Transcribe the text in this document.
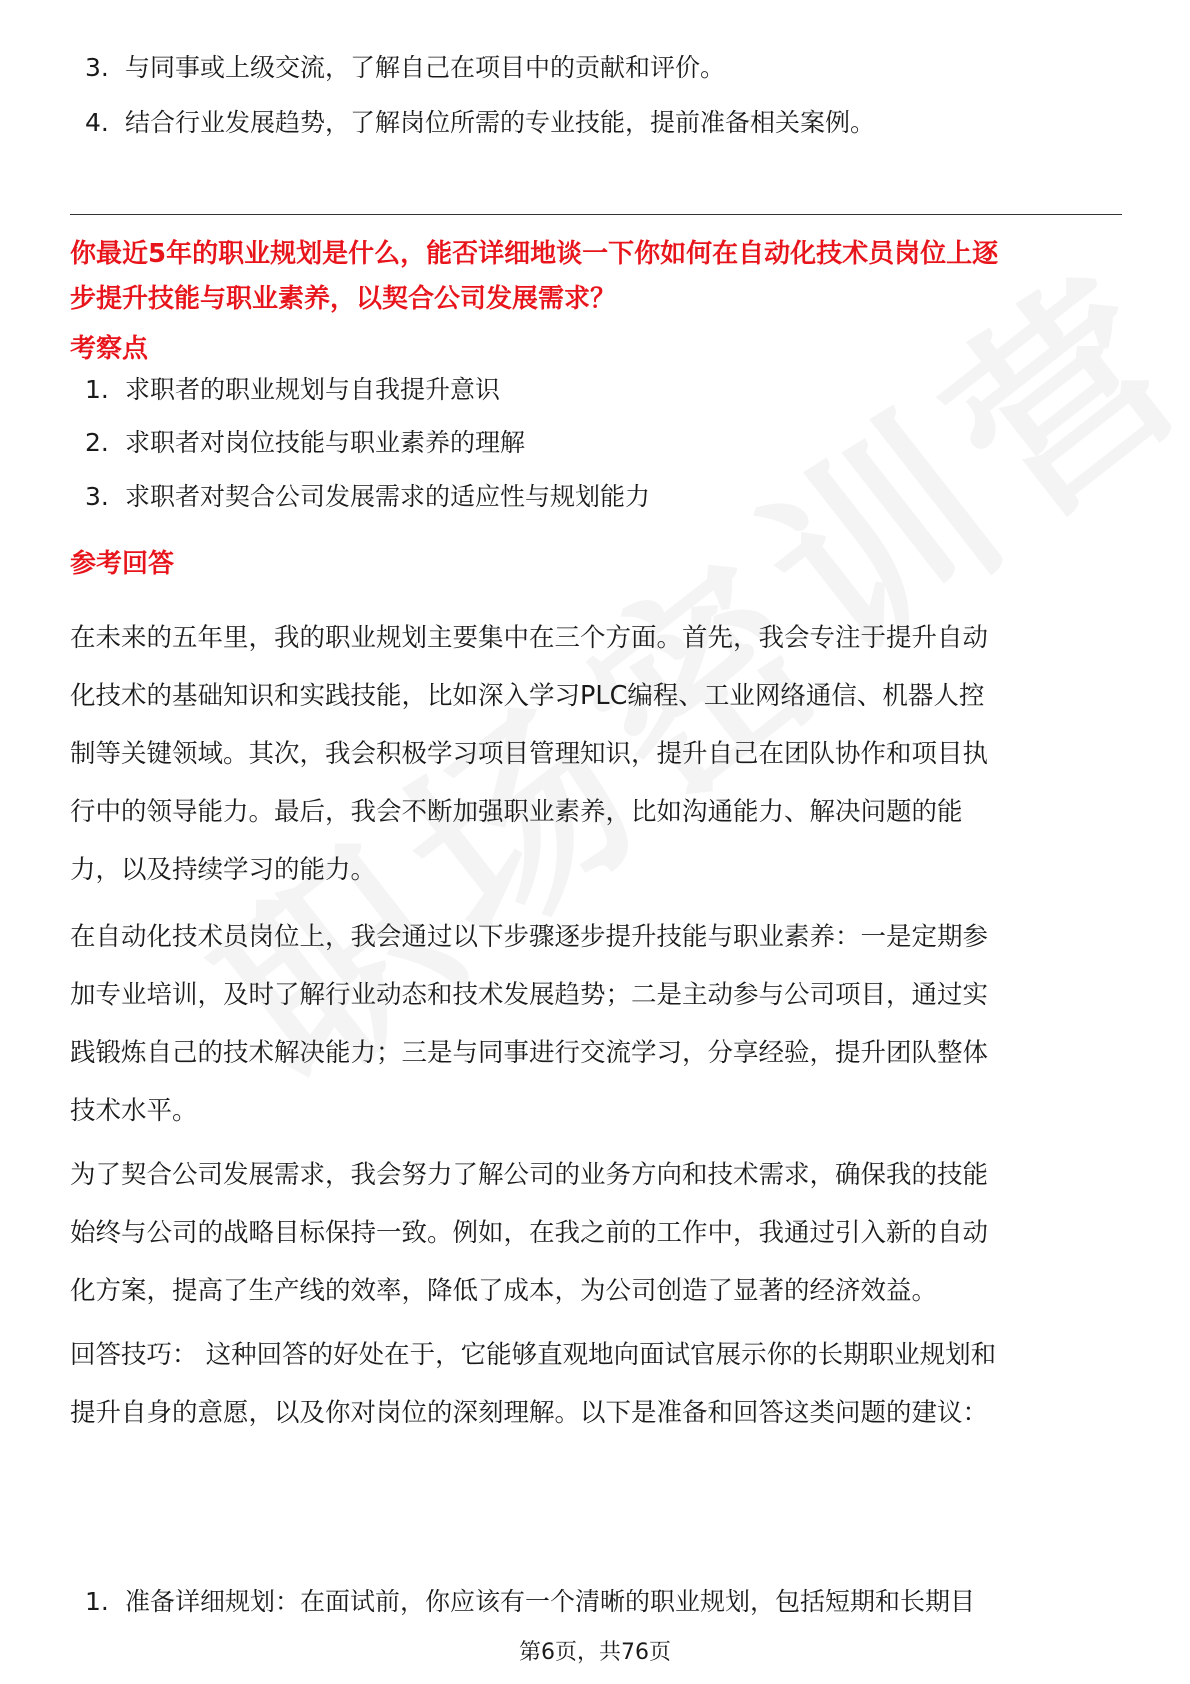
3. 与同事或上级交流，了解自己在项目中的贡献和评价。
4. 结合行业发展趋势，了解岗位所需的专业技能，提前准备相关案例。
你最近5年的职业规划是什么，能否详细地谈一下你如何在自动化技术员岗位上逐
步提升技能与职业素养，以契合公司发展需求？
考察点
1. 求职者的职业规划与自我提升意识
2. 求职者对岗位技能与职业素养的理解
3. 求职者对契合公司发展需求的适应性与规划能力
参考回答
在未来的五年里，我的职业规划主要集中在三个方面。首先，我会专注于提升自动
化技术的基础知识和实践技能，比如深入学习PLC编程、工业网络通信、机器人控
制等关键领域。其次，我会积极学习项目管理知识，提升自己在团队协作和项目执
行中的领导能力。最后，我会不断加强职业素养，比如沟通能力、解决问题的能
力，以及持续学习的能力。
在自动化技术员岗位上，我会通过以下步骤逐步提升技能与职业素养：一是定期参
加专业培训，及时了解行业动态和技术发展趋势；二是主动参与公司项目，通过实
践锻炼自己的技术解决能力；三是与同事进行交流学习，分享经验，提升团队整体
技术水平。
为了契合公司发展需求，我会努力了解公司的业务方向和技术需求，确保我的技能
始终与公司的战略目标保持一致。例如，在我之前的工作中，我通过引入新的自动
化方案，提高了生产线的效率，降低了成本，为公司创造了显著的经济效益。
回答技巧： 这种回答的好处在于，它能够直观地向面试官展示你的长期职业规划和
提升自身的意愿，以及你对岗位的深刻理解。以下是准备和回答这类问题的建议：
1. 准备详细规划：在面试前，你应该有一个清晰的职业规划，包括短期和长期目
第6页，共76页
